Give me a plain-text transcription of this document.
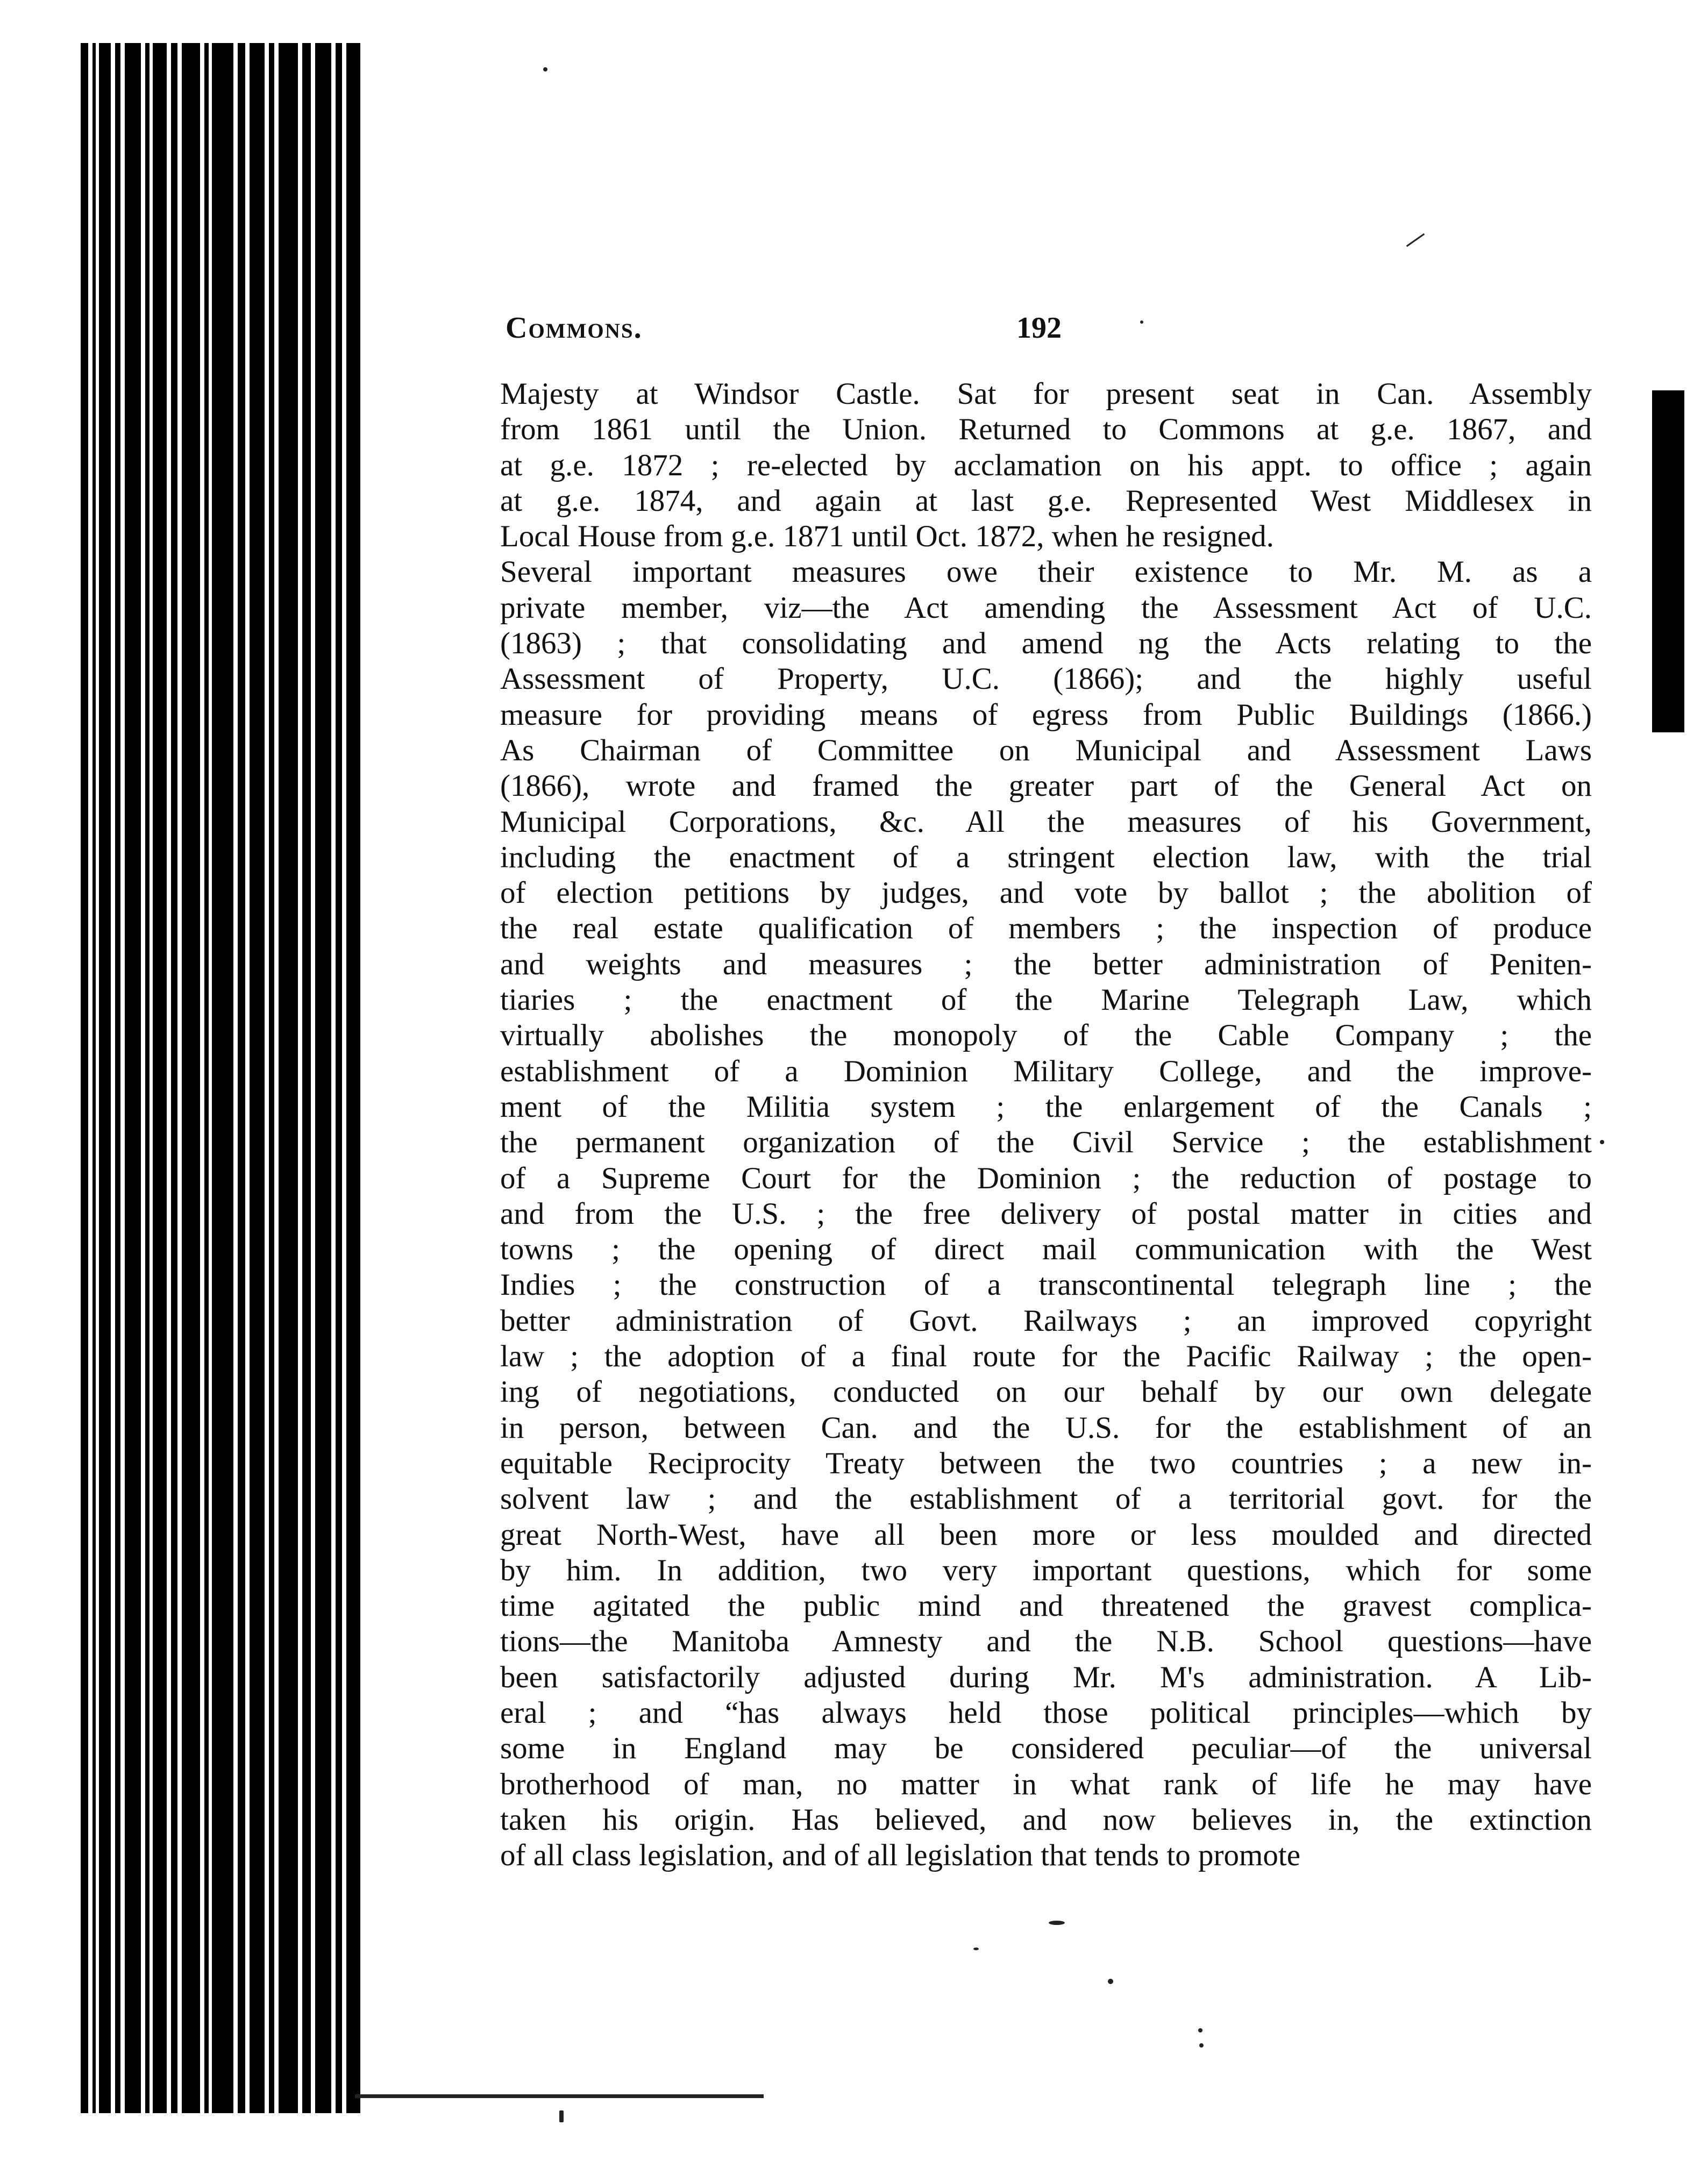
Commons.	192
Majesty at Windsor Castle. Sat for present seat in Can. Assembly
from 1861 until the Union. Returned to Commons at g.e. 1867, and
at g.e. 1872 ; re-elected by acclamation on his appt. to office ; again
at g.e. 1874, and again at last g.e. Represented West Middlesex in
Local House from g.e. 1871 until Oct. 1872, when he resigned.
Several important measures owe their existence to Mr. M. as a
private member, viz—the Act amending the Assessment Act of U.C.
(1863) ; that consolidating and amend ng the Acts relating to the
Assessment of Property, U.C. (1866); and the highly useful
measure for providing means of egress from Public Buildings (1866.)
As Chairman of Committee on Municipal and Assessment Laws
(1866), wrote and framed the greater part of the General Act on
Municipal Corporations, &c. All the measures of his Government,
including the enactment of a stringent election law, with the trial
of election petitions by judges, and vote by ballot ; the abolition of
the real estate qualification of members ; the inspection of produce
and weights and measures ; the better administration of Peniten-
tiaries ; the enactment of the Marine Telegraph Law, which
virtually abolishes the monopoly of the Cable Company ; the
establishment of a Dominion Military College, and the improve-
ment of the Militia system ; the enlargement of the Canals ;
the permanent organization of the Civil Service ; the establishment
of a Supreme Court for the Dominion ; the reduction of postage to
and from the U.S. ; the free delivery of postal matter in cities and
towns ; the opening of direct mail communication with the West
Indies ; the construction of a transcontinental telegraph line ; the
better administration of Govt. Railways ; an improved copyright
law ; the adoption of a final route for the Pacific Railway ; the open-
ing of negotiations, conducted on our behalf by our own delegate
in person, between Can. and the U.S. for the establishment of an
equitable Reciprocity Treaty between the two countries ; a new in-
solvent law ; and the establishment of a territorial govt. for the
great North-West, have all been more or less moulded and directed
by him. In addition, two very important questions, which for some
time agitated the public mind and threatened the gravest complica-
tions—the Manitoba Amnesty and the N.B. School questions—have
been satisfactorily adjusted during Mr. M's administration. A Lib-
eral ; and “has always held those political principles—which by
some in England may be considered peculiar—of the universal
brotherhood of man, no matter in what rank of life he may have
taken his origin. Has believed, and now believes in, the extinction
of all class legislation, and of all legislation that tends to promote
